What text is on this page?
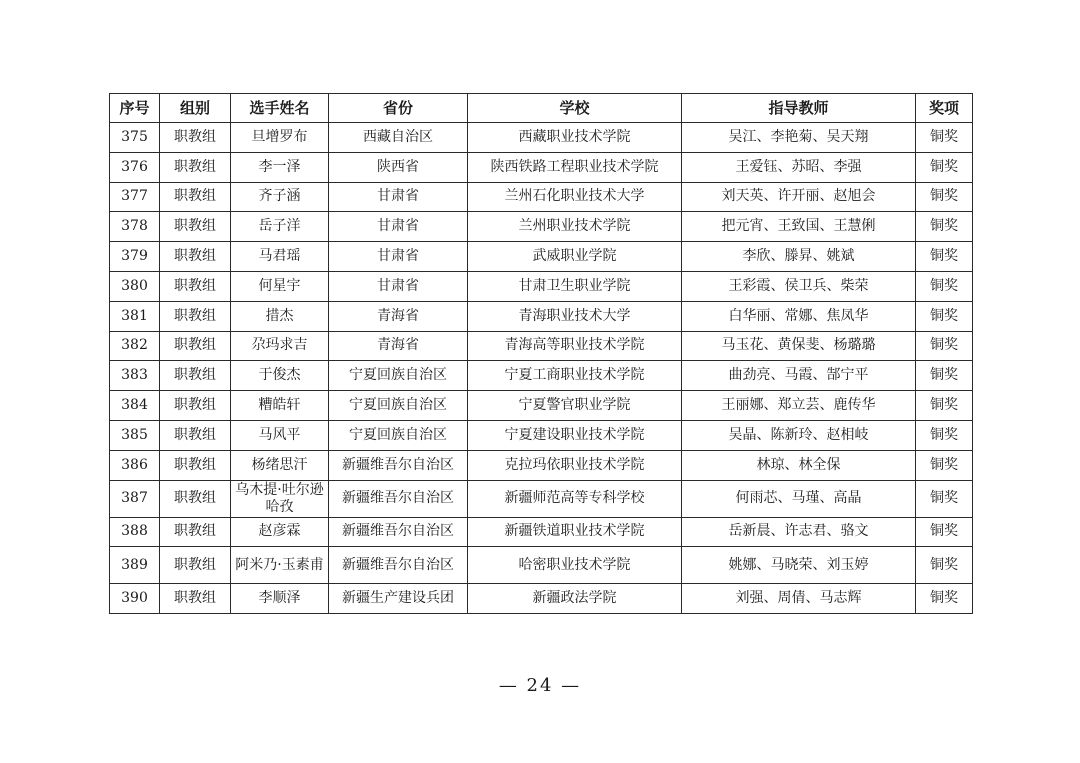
序号	组别	选手姓名	省份	学校	指导教师	奖项
375	职教组	旦增罗布	西藏自治区	西藏职业技术学院	吴江、李艳菊、吴天翔	铜奖
376	职教组	李一泽	陕西省	陕西铁路工程职业技术学院	王爱钰、苏昭、李强	铜奖
377	职教组	齐子涵	甘肃省	兰州石化职业技术大学	刘天英、许开丽、赵旭会	铜奖
378	职教组	岳子洋	甘肃省	兰州职业技术学院	把元宵、王致国、王慧俐	铜奖
379	职教组	马君瑶	甘肃省	武威职业学院	李欣、滕昇、姚斌	铜奖
380	职教组	何星宇	甘肃省	甘肃卫生职业学院	王彩霞、侯卫兵、柴荣	铜奖
381	职教组	措杰	青海省	青海职业技术大学	白华丽、常娜、焦凤华	铜奖
382	职教组	尕玛求吉	青海省	青海高等职业技术学院	马玉花、黄保斐、杨璐璐	铜奖
383	职教组	于俊杰	宁夏回族自治区	宁夏工商职业技术学院	曲劲亮、马霞、郜宁平	铜奖
384	职教组	糟皓轩	宁夏回族自治区	宁夏警官职业学院	王丽娜、郑立芸、鹿传华	铜奖
385	职教组	马风平	宁夏回族自治区	宁夏建设职业技术学院	吴晶、陈新玲、赵相岐	铜奖
386	职教组	杨绪思汗	新疆维吾尔自治区	克拉玛依职业技术学院	林琼、林全保	铜奖
387	职教组	乌木提·吐尔逊哈孜	新疆维吾尔自治区	新疆师范高等专科学校	何雨芯、马瑾、高晶	铜奖
388	职教组	赵彦霖	新疆维吾尔自治区	新疆铁道职业技术学院	岳新晨、许志君、骆文	铜奖
389	职教组	阿米乃·玉素甫	新疆维吾尔自治区	哈密职业技术学院	姚娜、马晓荣、刘玉婷	铜奖
390	职教组	李顺泽	新疆生产建设兵团	新疆政法学院	刘强、周倩、马志辉	铜奖
— 24 —
